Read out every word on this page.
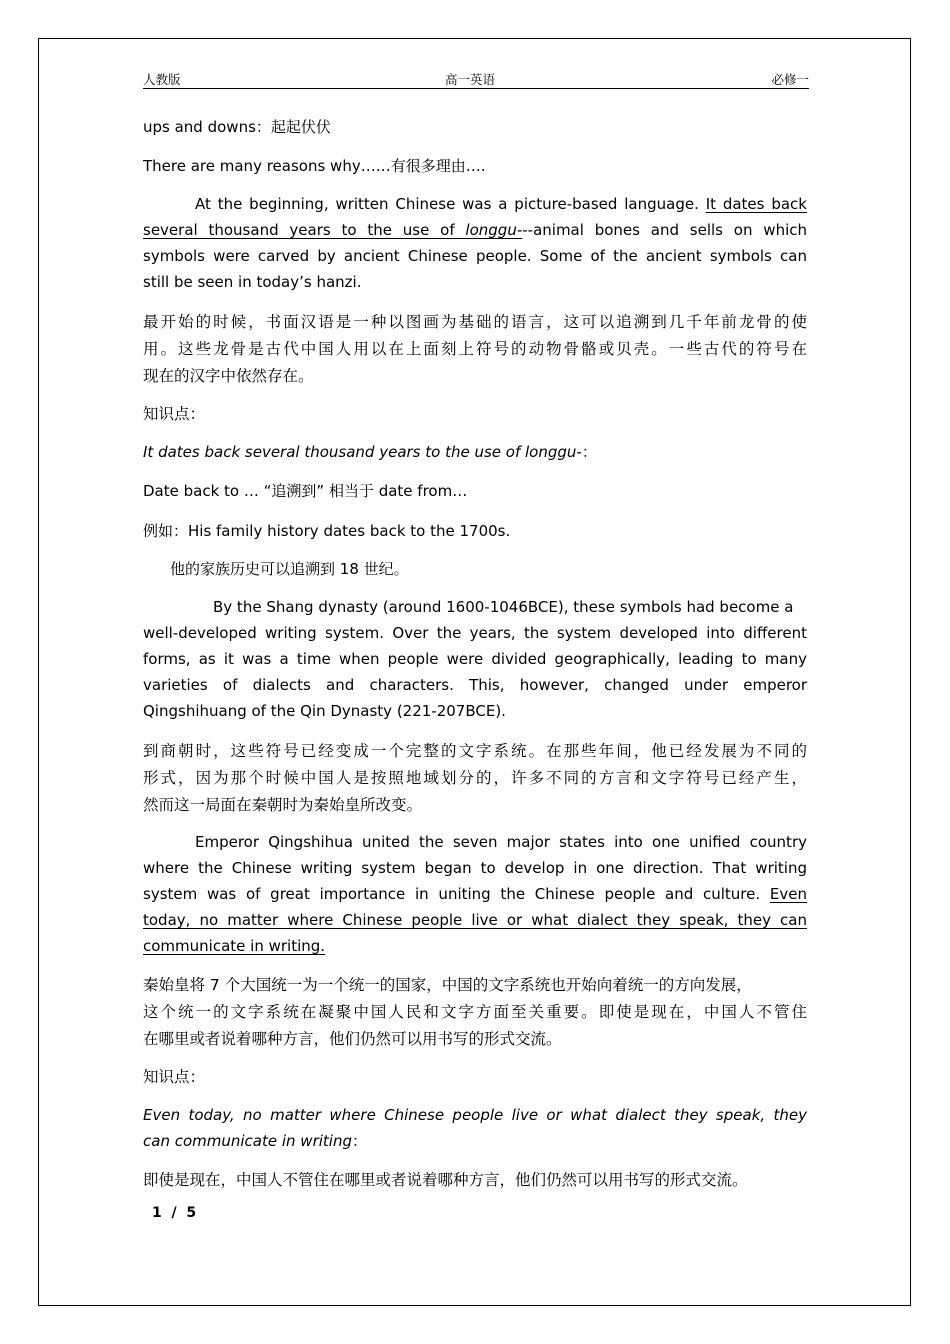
人教版	高一英语	必修一

ups and downs：起起伏伏

There are many reasons why……有很多理由….

At the beginning, written Chinese was a picture-based language. It dates back

several thousand years to the use of longgu---animal bones and sells on which

symbols were carved by ancient Chinese people. Some of the ancient symbols can

still be seen in today’s hanzi.

最开始的时候，书面汉语是一种以图画为基础的语言，这可以追溯到几千年前龙骨的使

用。这些龙骨是古代中国人用以在上面刻上符号的动物骨骼或贝壳。一些古代的符号在

现在的汉字中依然存在。

知识点：

It dates back several thousand years to the use of longgu-：

Date back to … “追溯到” 相当于 date from…

例如：His family history dates back to the 1700s.

他的家族历史可以追溯到 18 世纪。

By the Shang dynasty (around 1600-1046BCE), these symbols had become a

well-developed writing system. Over the years, the system developed into different

forms, as it was a time when people were divided geographically, leading to many

varieties of dialects and characters. This, however, changed under emperor

Qingshihuang of the Qin Dynasty (221-207BCE).

到商朝时，这些符号已经变成一个完整的文字系统。在那些年间，他已经发展为不同的

形式，因为那个时候中国人是按照地域划分的，许多不同的方言和文字符号已经产生，

然而这一局面在秦朝时为秦始皇所改变。

Emperor Qingshihua united the seven major states into one unified country

where the Chinese writing system began to develop in one direction. That writing

system was of great importance in uniting the Chinese people and culture. Even

today, no matter where Chinese people live or what dialect they speak, they can

communicate in writing.

秦始皇将 7 个大国统一为一个统一的国家，中国的文字系统也开始向着统一的方向发展，

这个统一的文字系统在凝聚中国人民和文字方面至关重要。即使是现在，中国人不管住

在哪里或者说着哪种方言，他们仍然可以用书写的形式交流。

知识点：

Even today, no matter where Chinese people live or what dialect they speak, they

can communicate in writing：

即使是现在，中国人不管住在哪里或者说着哪种方言，他们仍然可以用书写的形式交流。

1  /  5
